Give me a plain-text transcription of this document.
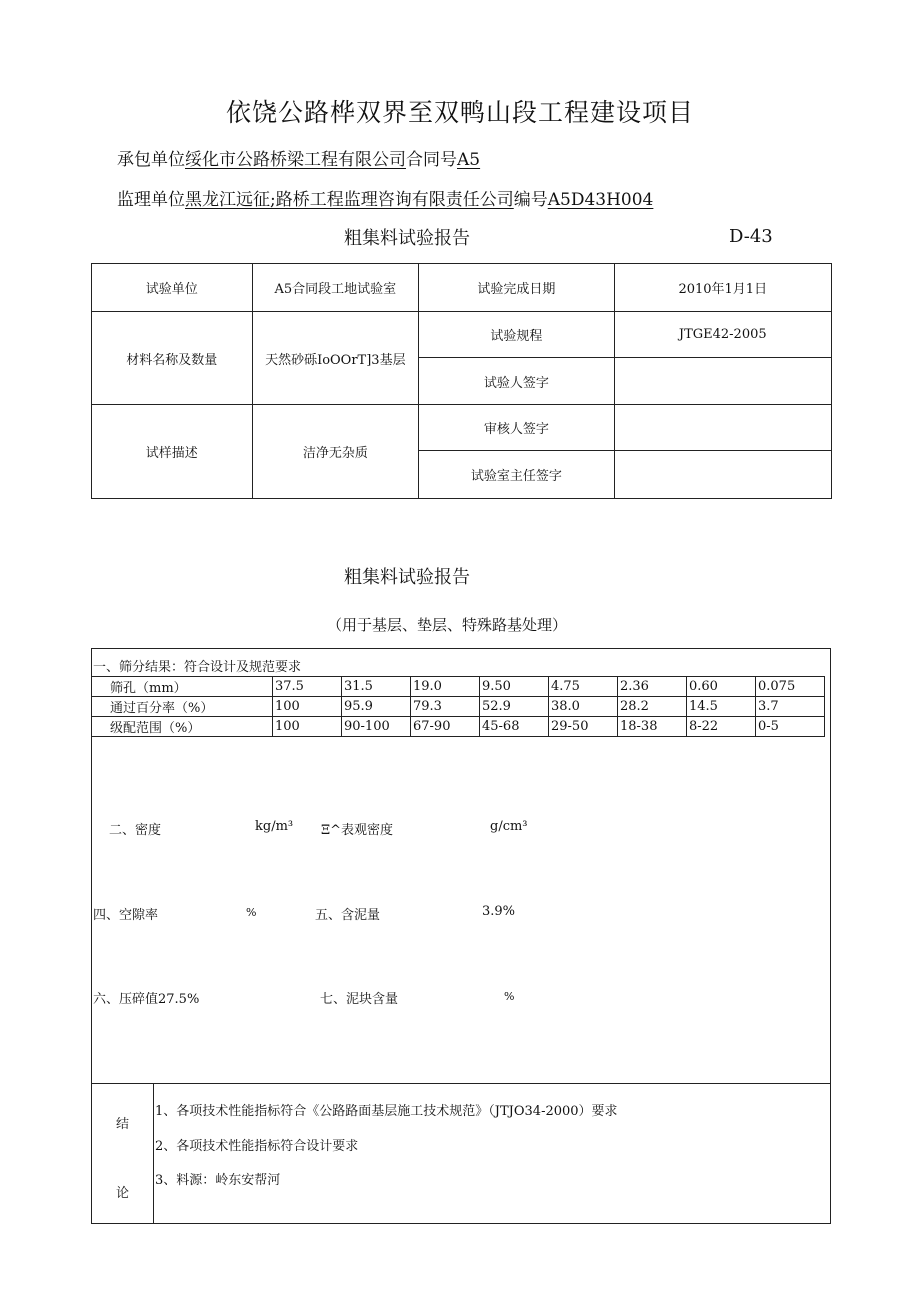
依饶公路桦双界至双鸭山段工程建设项目
承包单位绥化市公路桥梁工程有限公司合同号A5
监理单位黑龙江远征;路桥工程监理咨询有限责任公司编号A5D43H004
粗集料试验报告	D-43
试验单位	A5合同段工地试验室	试验完成日期	2010年1月1日
材料名称及数量	天然砂砾IoOOrT]3基层	试验规程	JTGE42-2005
		试验人签字	
试样描述	洁净无杂质	审核人签字	
		试验室主任签字	
粗集料试验报告
（用于基层、垫层、特殊路基处理）
一、筛分结果：符合设计及规范要求
筛孔（mm）	37.5	31.5	19.0	9.50	4.75	2.36	0.60	0.075
通过百分率（%）	100	95.9	79.3	52.9	38.0	28.2	14.5	3.7
级配范围（%）	100	90-100	67-90	45-68	29-50	18-38	8-22	0-5
二、密度	kg/m³ Ξ^表观密度	g/cm³
四、空隙率	%	五、含泥量	3.9%
六、压碎值27.5%	七、泥块含量	%
结
论
1、各项技术性能指标符合《公路路面基层施工技术规范》（JTJO34-2000）要求
2、各项技术性能指标符合设计要求
3、料源：岭东安帮河
